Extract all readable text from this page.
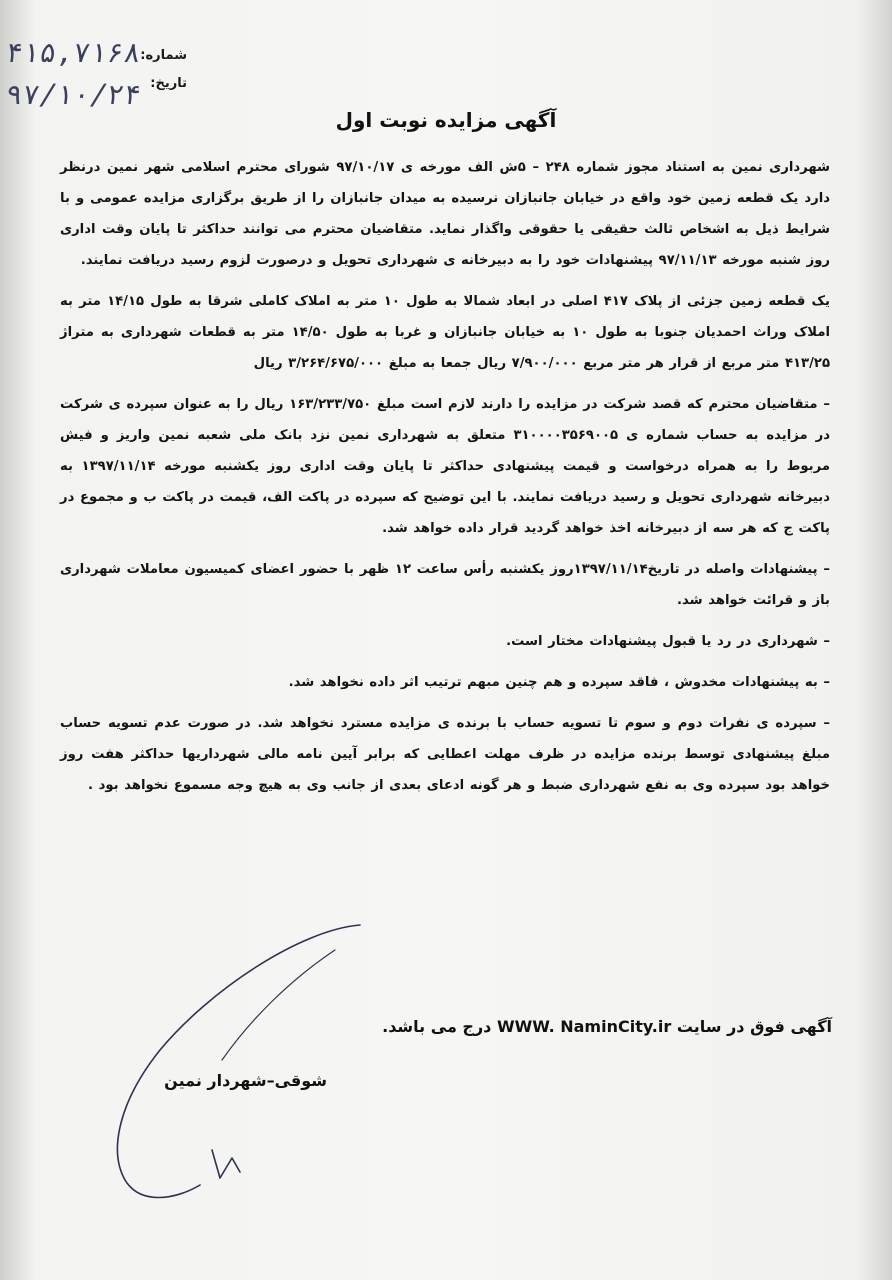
شماره:
تاریخ:
۴۱۵,۷۱۶۸
۹۷/۱۰/۲۴
آگهی مزایده نوبت اول

شهرداری نمین به استناد مجوز شماره ۲۴۸ – ۵ش الف مورخه ی ۹۷/۱۰/۱۷ شورای محترم اسلامی شهر نمین درنظر دارد یک قطعه زمین خود واقع در خیابان جانبازان نرسیده به میدان جانبازان را از طریق برگزاری مزایده عمومی و با شرایط ذیل به اشخاص ثالث حقیقی یا حقوقی واگذار نماید. متقاضیان محترم می توانند حداکثر تا پایان وقت اداری روز شنبه مورخه ۹۷/۱۱/۱۳ پیشنهادات خود را به دبیرخانه ی شهرداری تحویل و درصورت لزوم رسید دریافت نمایند.

یک قطعه زمین جزئی از پلاک ۴۱۷ اصلی در ابعاد شمالا به طول ۱۰ متر به املاک کاملی شرقا به طول ۱۴/۱۵ متر به املاک وراث احمدیان جنوبا به طول ۱۰ به خیابان جانبازان و غربا به طول ۱۴/۵۰ متر به قطعات شهرداری به متراژ ۴۱۳/۲۵ متر مربع از قرار هر متر مربع ۷/۹۰۰/۰۰۰ ریال جمعا به مبلغ ۳/۲۶۴/۶۷۵/۰۰۰ ریال

– متقاضیان محترم که قصد شرکت در مزایده را دارند لازم است مبلغ ۱۶۳/۲۳۳/۷۵۰ ریال را به عنوان سپرده ی شرکت در مزایده به حساب شماره ی ۳۱۰۰۰۰۳۵۶۹۰۰۵ متعلق به شهرداری نمین نزد بانک ملی شعبه نمین واریز و فیش مربوط را به همراه درخواست و قیمت پیشنهادی حداکثر تا پایان وقت اداری روز یکشنبه مورخه ۱۳۹۷/۱۱/۱۴ به دبیرخانه شهرداری تحویل و رسید دریافت نمایند. با این توضیح که سپرده در پاکت الف، قیمت در پاکت ب و مجموع در پاکت ج که هر سه از دبیرخانه اخذ خواهد گردید قرار داده خواهد شد.

– پیشنهادات واصله در تاریخ۱۳۹۷/۱۱/۱۴روز یکشنبه رأس ساعت ۱۲ ظهر با حضور اعضای کمیسیون معاملات شهرداری باز و قرائت خواهد شد.

– شهرداری در رد یا قبول پیشنهادات مختار است.

– به پیشنهادات مخدوش ، فاقد سپرده و هم چنین مبهم ترتیب اثر داده نخواهد شد.

– سپرده ی نفرات دوم و سوم تا تسویه حساب با برنده ی مزایده مسترد نخواهد شد. در صورت عدم تسویه حساب مبلغ پیشنهادی توسط برنده مزایده در ظرف مهلت اعطایی که برابر آیین نامه مالی شهرداریها حداکثر هفت روز خواهد بود سپرده وی به نفع شهرداری ضبط و هر گونه ادعای بعدی از جانب وی به هیچ وجه مسموع نخواهد بود .

آگهی فوق در سایت WWW. NaminCity.ir درج می باشد.
شوقی–شهردار نمین
